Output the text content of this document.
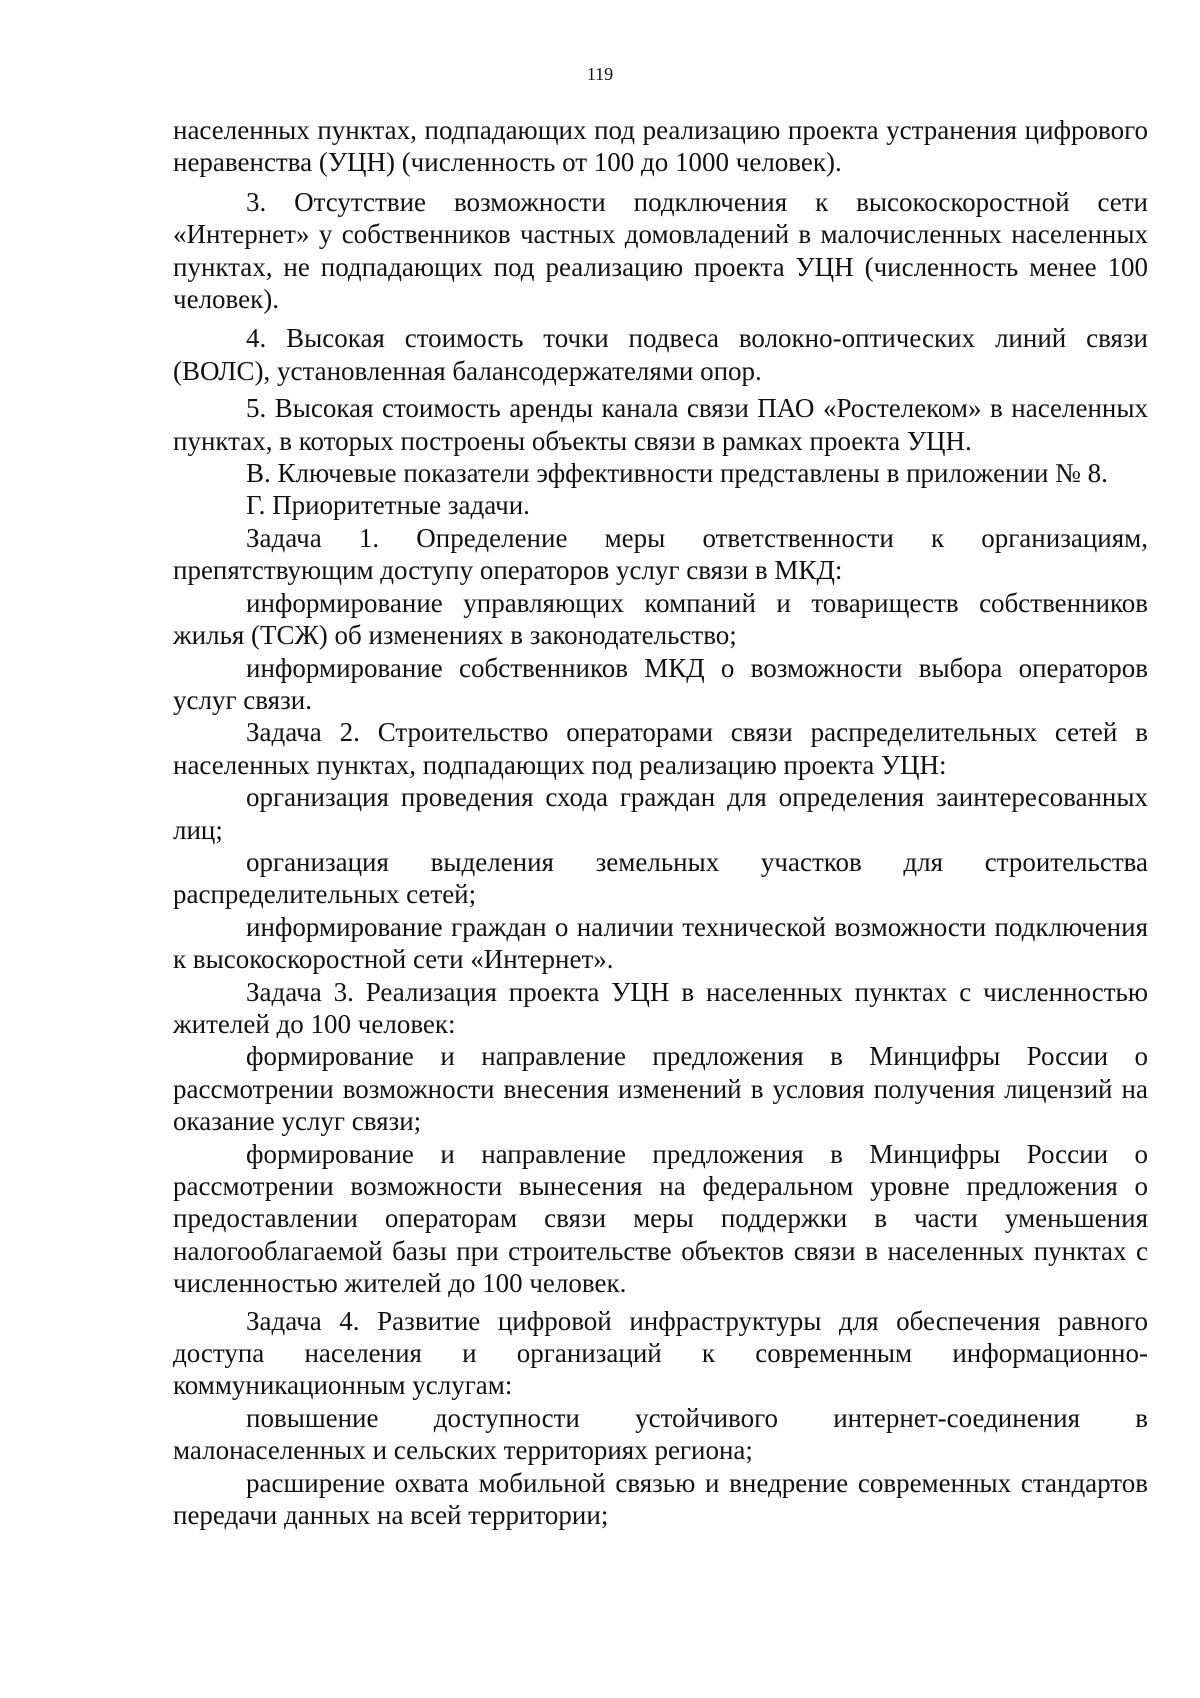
119

населенных пунктах, подпадающих под реализацию проекта устранения цифрового неравенства (УЦН) (численность от 100 до 1000 человек).

3. Отсутствие возможности подключения к высокоскоростной сети «Интернет» у собственников частных домовладений в малочисленных населенных пунктах, не подпадающих под реализацию проекта УЦН (численность менее 100 человек).

4. Высокая стоимость точки подвеса волокно-оптических линий связи (ВОЛС), установленная балансодержателями опор.

5. Высокая стоимость аренды канала связи ПАО «Ростелеком» в населенных пунктах, в которых построены объекты связи в рамках проекта УЦН.

В. Ключевые показатели эффективности представлены в приложении № 8.

Г. Приоритетные задачи.

Задача 1. Определение меры ответственности к организациям, препятствующим доступу операторов услуг связи в МКД:

информирование управляющих компаний и товариществ собственников жилья (ТСЖ) об изменениях в законодательство;

информирование собственников МКД о возможности выбора операторов услуг связи.

Задача 2. Строительство операторами связи распределительных сетей в населенных пунктах, подпадающих под реализацию проекта УЦН:

организация проведения схода граждан для определения заинтересованных лиц;

организация выделения земельных участков для строительства распределительных сетей;

информирование граждан о наличии технической возможности подключения к высокоскоростной сети «Интернет».

Задача 3. Реализация проекта УЦН в населенных пунктах с численностью жителей до 100 человек:

формирование и направление предложения в Минцифры России о рассмотрении возможности внесения изменений в условия получения лицензий на оказание услуг связи;

формирование и направление предложения в Минцифры России о рассмотрении возможности вынесения на федеральном уровне предложения о предоставлении операторам связи меры поддержки в части уменьшения налогооблагаемой базы при строительстве объектов связи в населенных пунктах с численностью жителей до 100 человек.

Задача 4. Развитие цифровой инфраструктуры для обеспечения равного доступа населения и организаций к современным информационно-коммуникационным услугам:

повышение доступности устойчивого интернет-соединения в малонаселенных и сельских территориях региона;

расширение охвата мобильной связью и внедрение современных стандартов передачи данных на всей территории;
